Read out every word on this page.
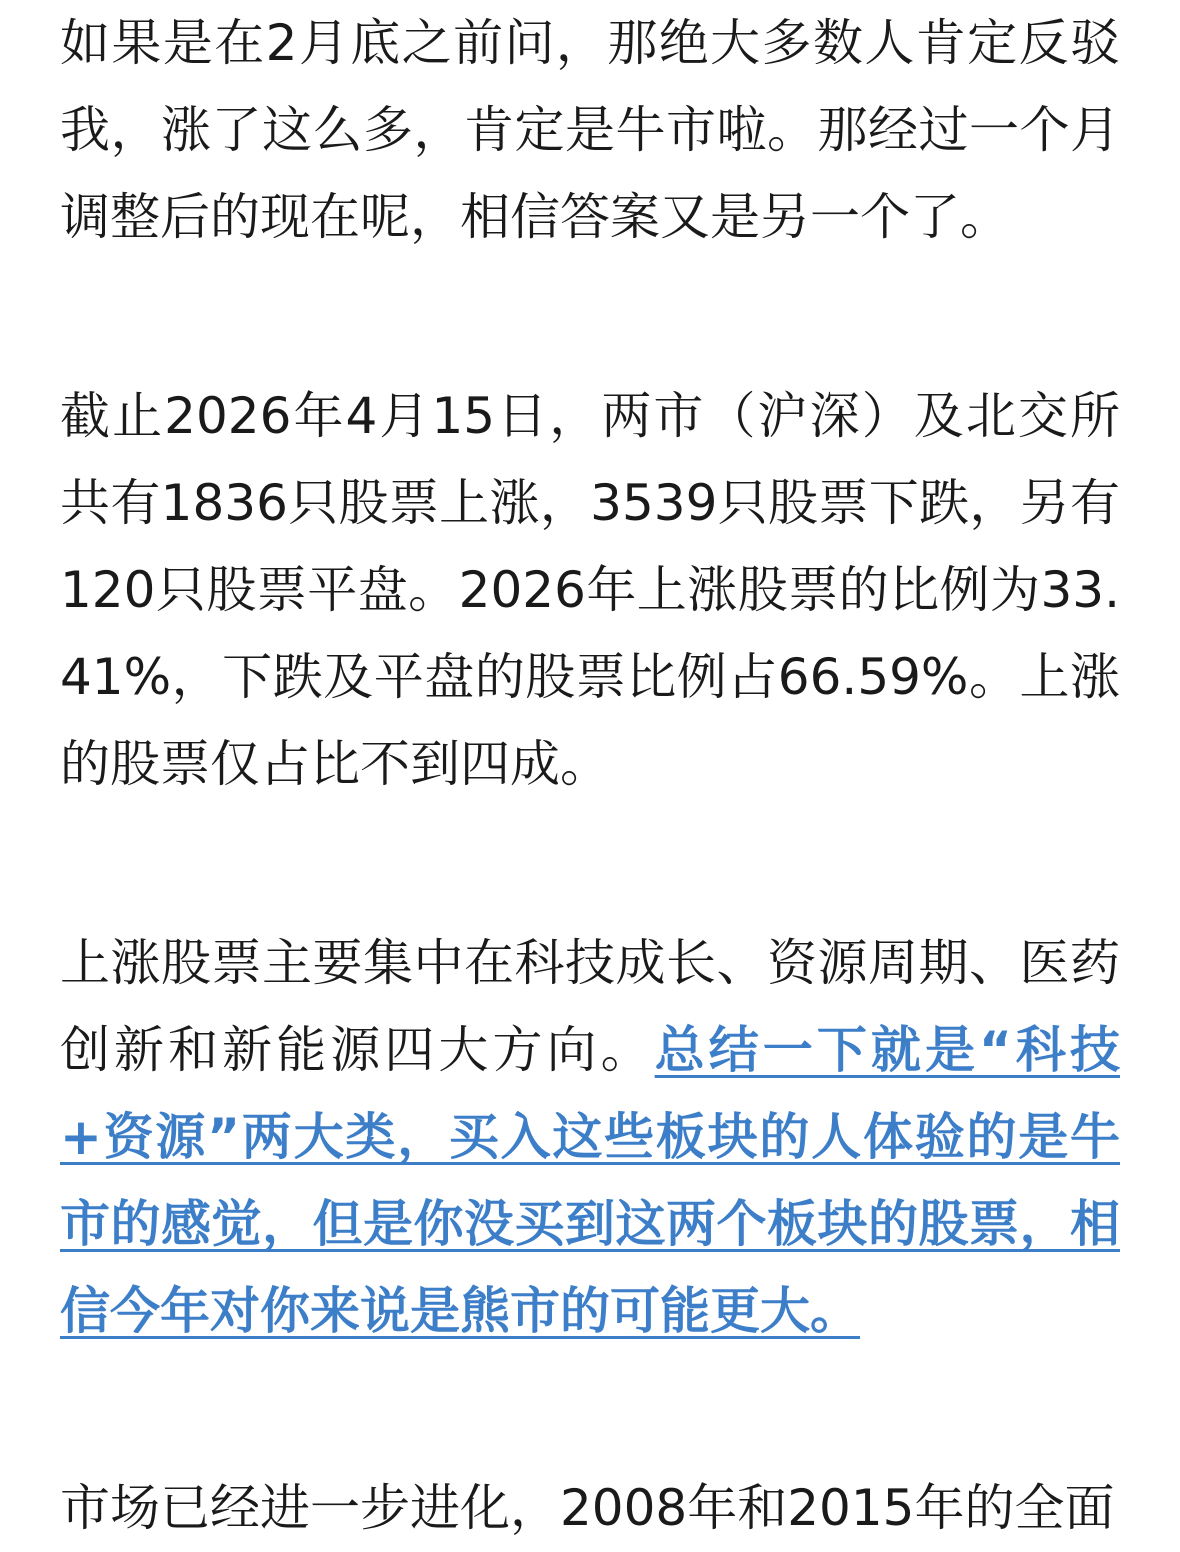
如果是在2月底之前问，那绝大多数人肯定反驳我，涨了这么多，肯定是牛市啦。那经过一个月调整后的现在呢，相信答案又是另一个了。

截止2026年4月15日，两市（沪深）及北交所共有1836只股票上涨，3539只股票下跌，另有120只股票平盘。2026年上涨股票的比例为33.41%，下跌及平盘的股票比例占66.59%。上涨的股票仅占比不到四成。

上涨股票主要集中在科技成长、资源周期、医药创新和新能源四大方向。总结一下就是“科技+资源”两大类，买入这些板块的人体验的是牛市的感觉，但是你没买到这两个板块的股票，相信今年对你来说是熊市的可能更大。

市场已经进一步进化，2008年和2015年的全面
